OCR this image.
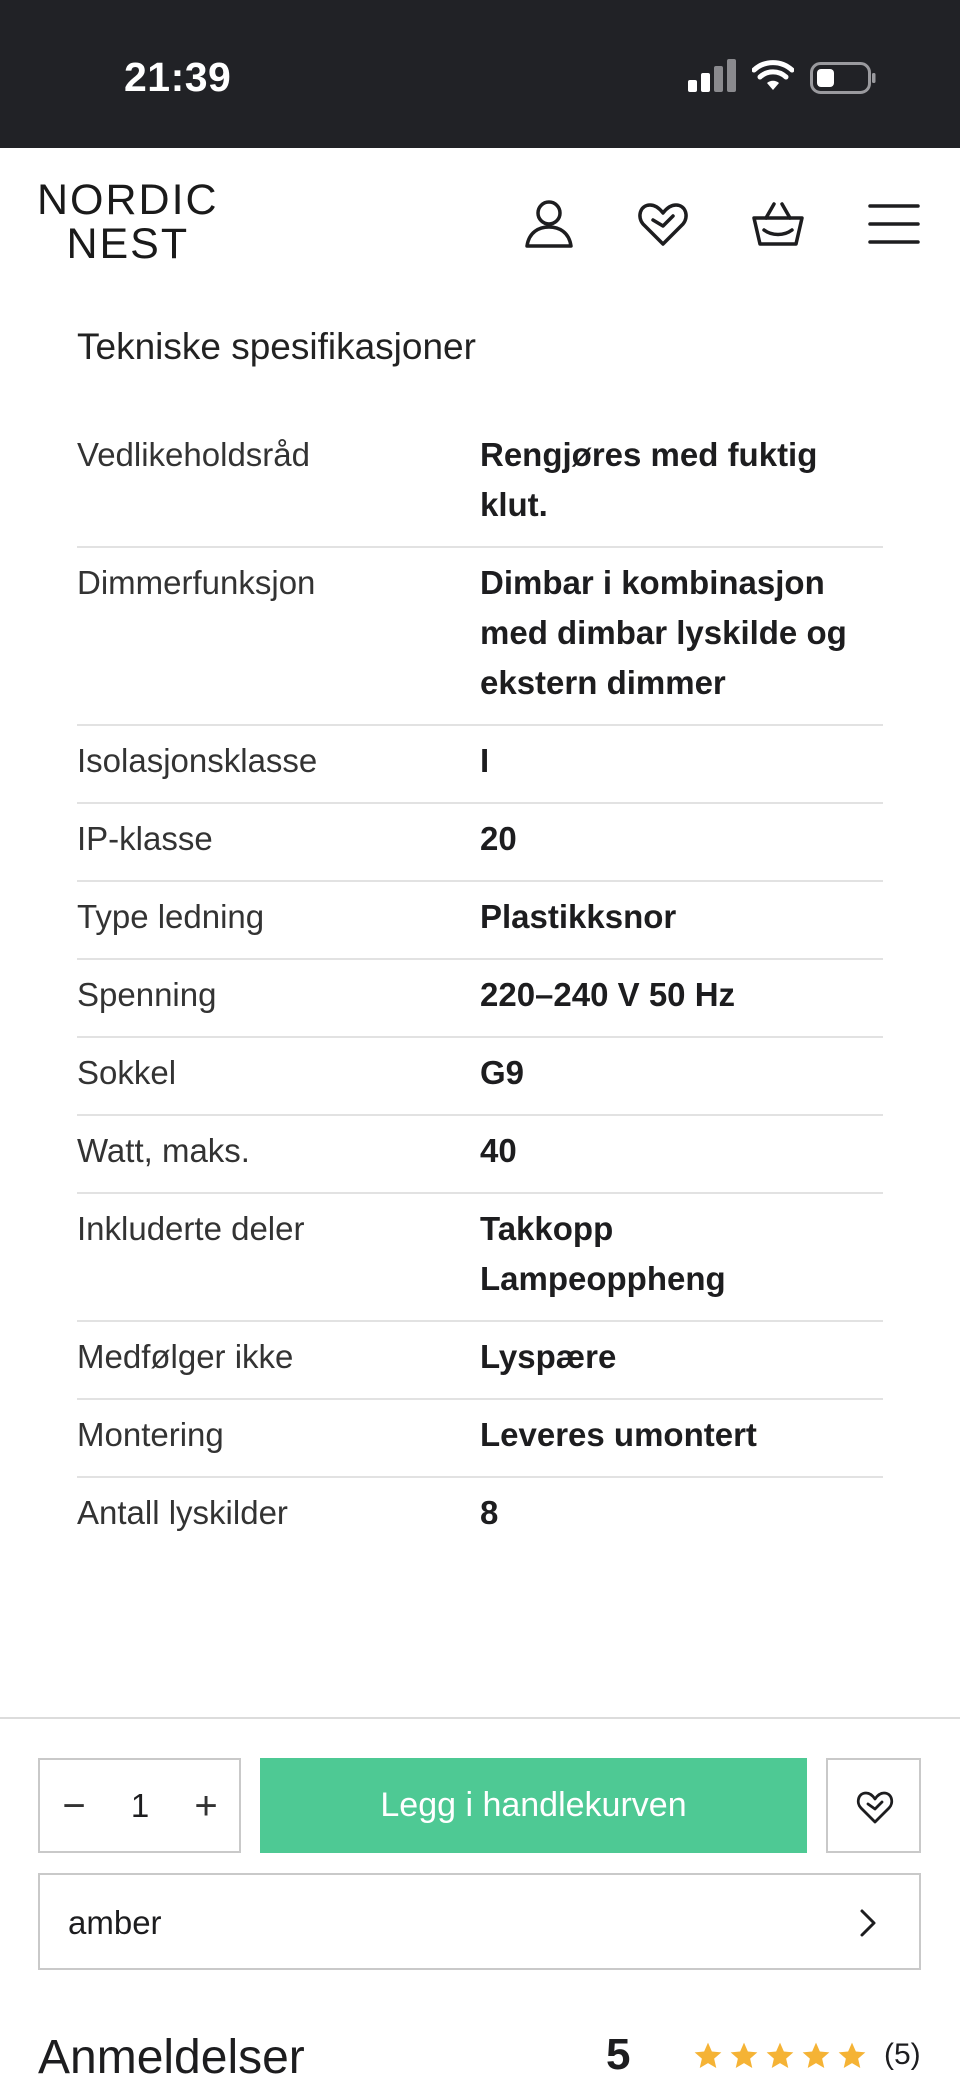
21:39
NORDIC
NEST
Tekniske spesifikasjoner
Vedlikeholdsråd	Rengjøres med fuktig
klut.
Dimmerfunksjon	Dimbar i kombinasjon
med dimbar lyskilde og
ekstern dimmer
Isolasjonsklasse	I
IP-klasse	20
Type ledning	Plastikksnor
Spenning	220–240 V 50 Hz
Sokkel	G9
Watt, maks.	40
Inkluderte deler	Takkopp
Lampeoppheng
Medfølger ikke	Lyspære
Montering	Leveres umontert
Antall lyskilder	8
−	1	+	Legg i handlekurven
amber
Anmeldelser	5	(5)
